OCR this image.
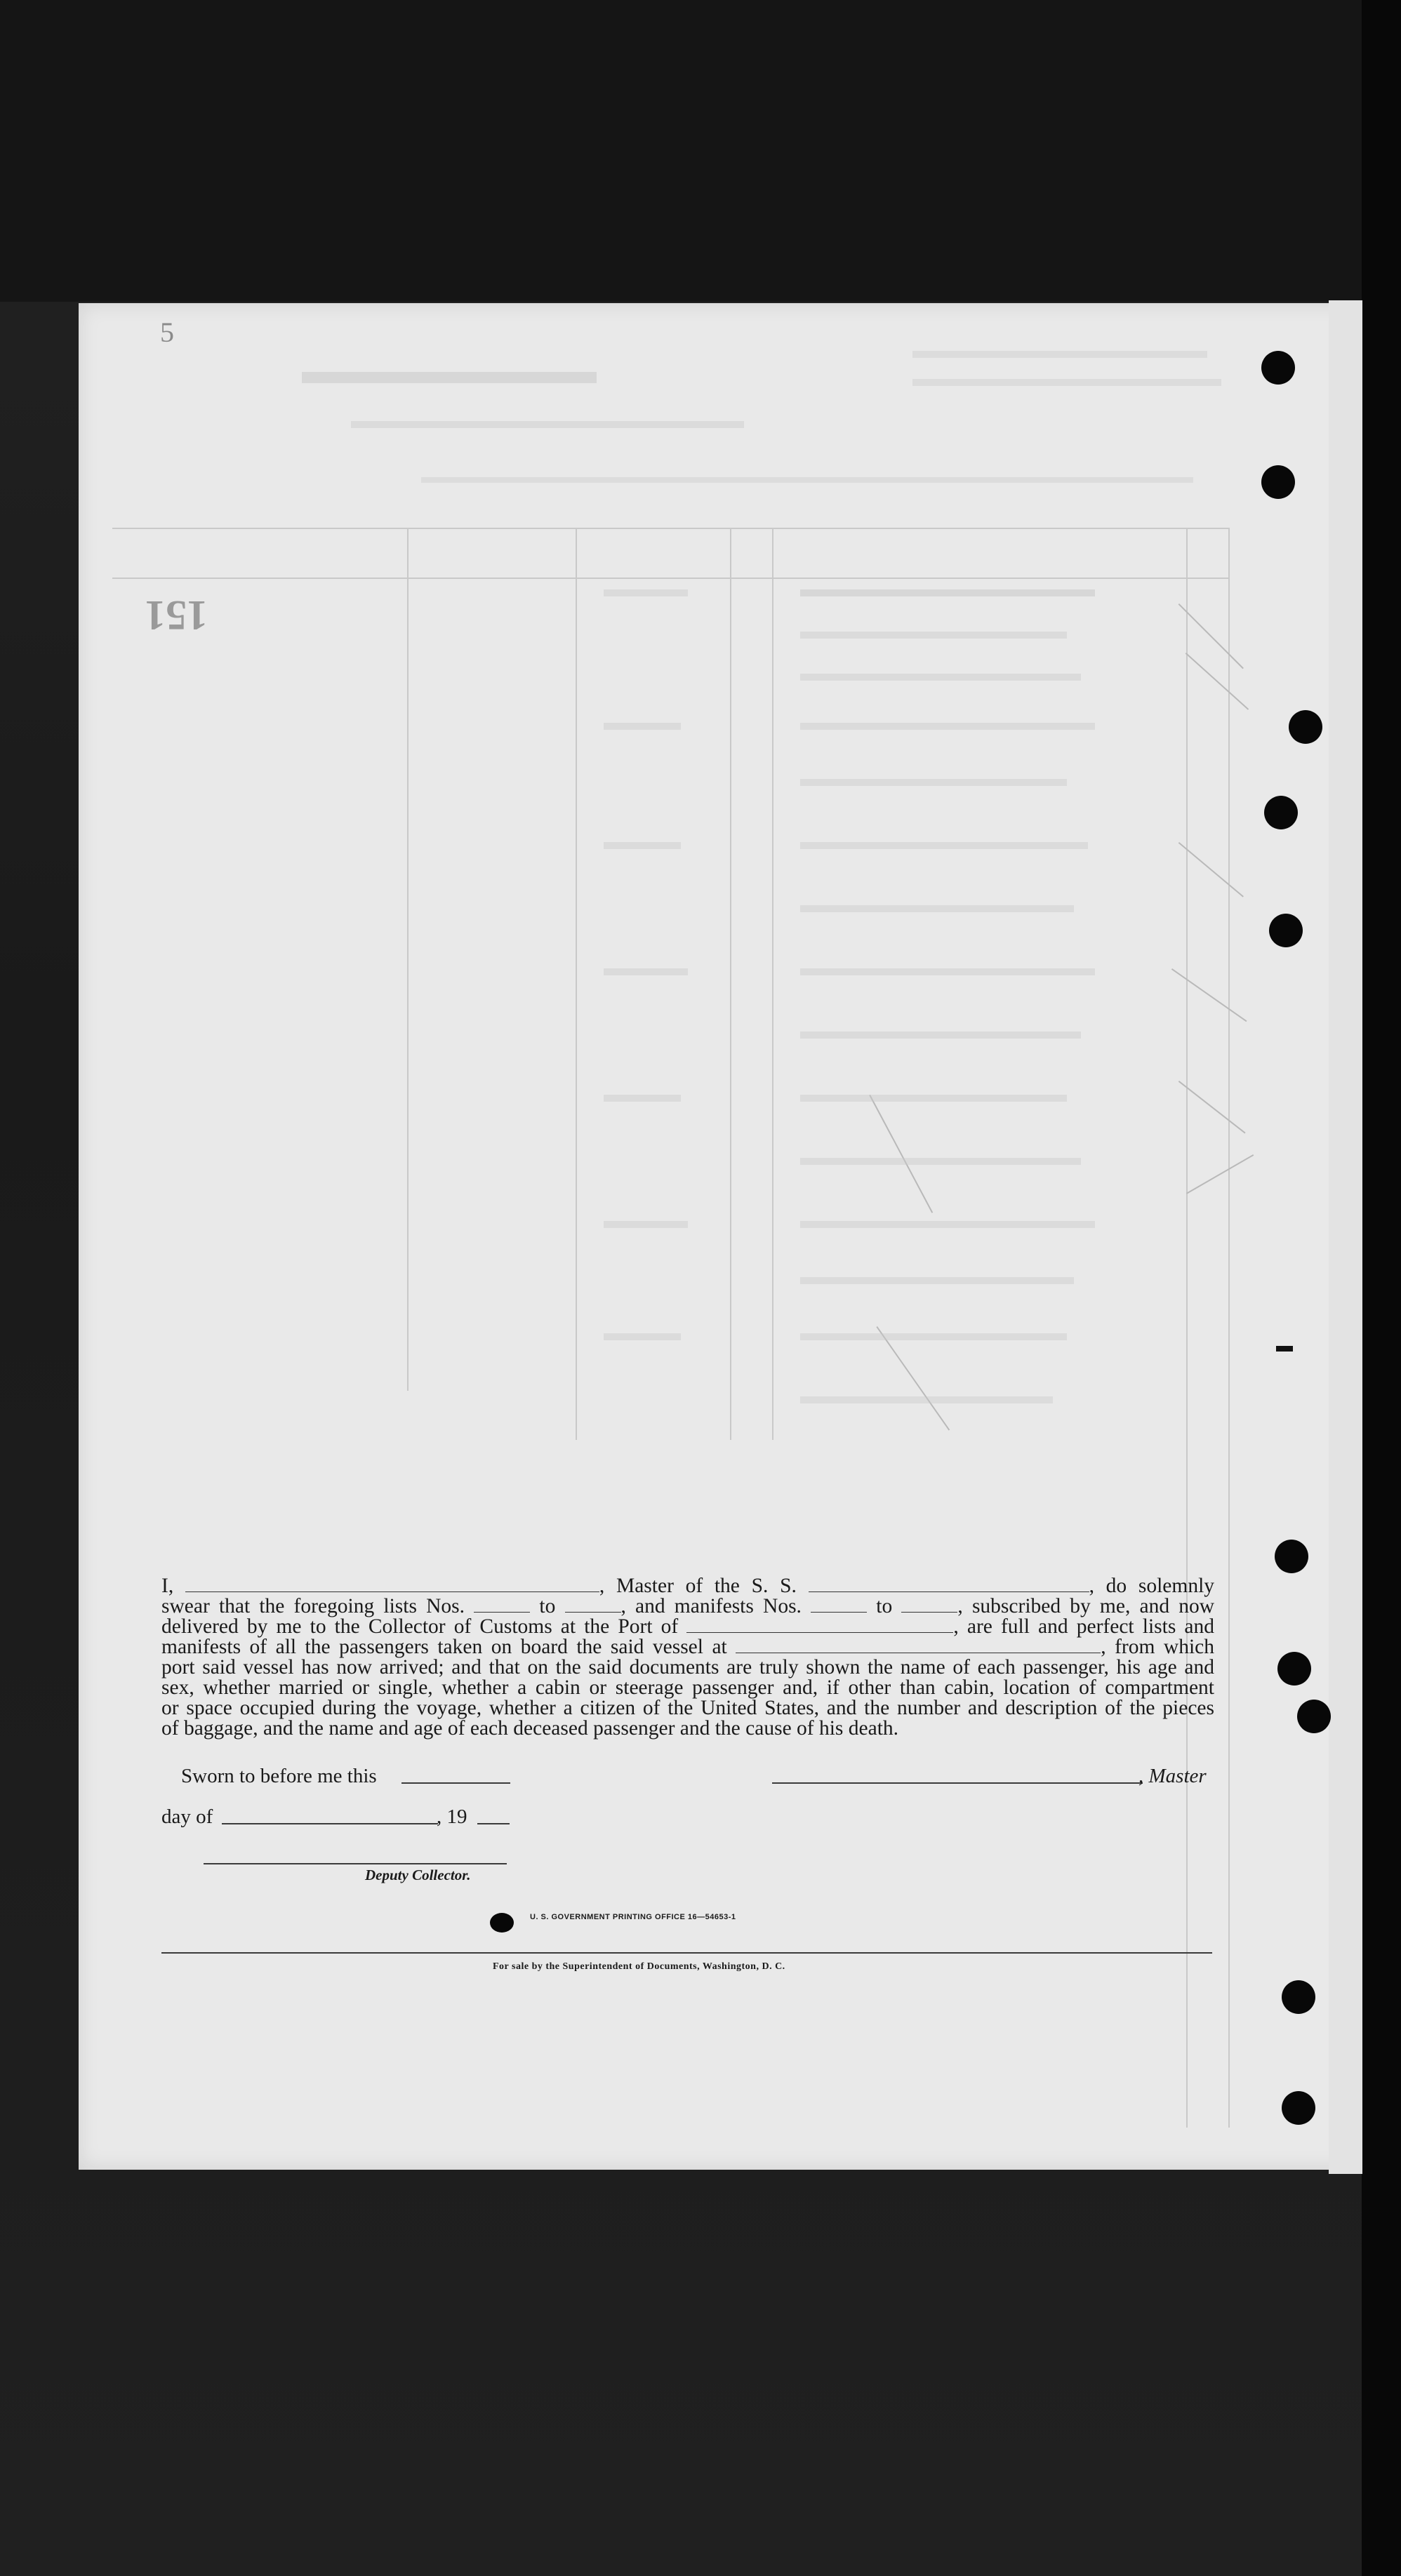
5
151
I,	, Master of the S. S.	, do solemnly
swear that the foregoing lists Nos.	to	, and manifests Nos.	to	, subscribed by me, and now
delivered by me to the Collector of Customs at the Port of	, are full and perfect lists and
manifests of all the passengers taken on board the said vessel at	, from which
port said vessel has now arrived; and that on the said documents are truly shown the name of each passenger, his age and
sex, whether married or single, whether a cabin or steerage passenger and, if other than cabin, location of compartment
or space occupied during the voyage, whether a citizen of the United States, and the number and description of the pieces
of baggage, and the name and age of each deceased passenger and the cause of his death.
Sworn to before me this	, Master
day of	, 19
Deputy Collector.
U. S. GOVERNMENT PRINTING OFFICE 16—54653-1
For sale by the Superintendent of Documents, Washington, D. C.
